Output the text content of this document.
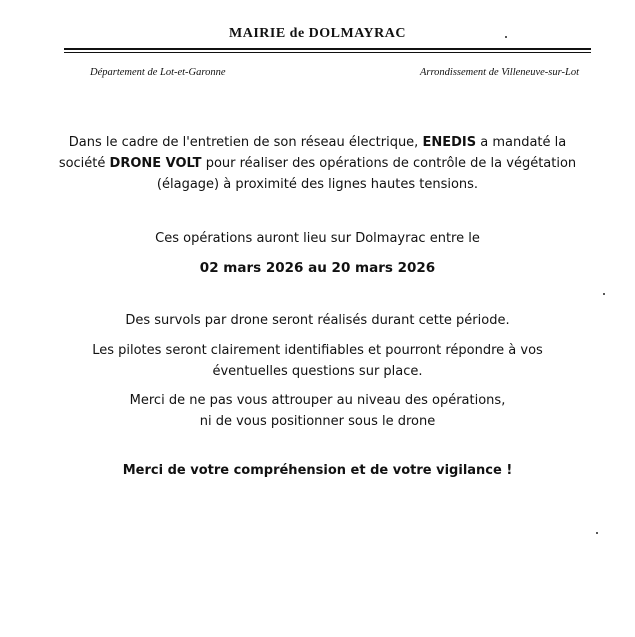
MAIRIE de DOLMAYRAC
Département de Lot-et-Garonne	Arrondissement de Villeneuve-sur-Lot

Dans le cadre de l'entretien de son réseau électrique, ENEDIS a mandaté la
société DRONE VOLT pour réaliser des opérations de contrôle de la végétation
(élagage) à proximité des lignes hautes tensions.

Ces opérations auront lieu sur Dolmayrac entre le

02 mars 2026 au 20 mars 2026

Des survols par drone seront réalisés durant cette période.

Les pilotes seront clairement identifiables et pourront répondre à vos
éventuelles questions sur place.

Merci de ne pas vous attrouper au niveau des opérations,
ni de vous positionner sous le drone

Merci de votre compréhension et de votre vigilance !
